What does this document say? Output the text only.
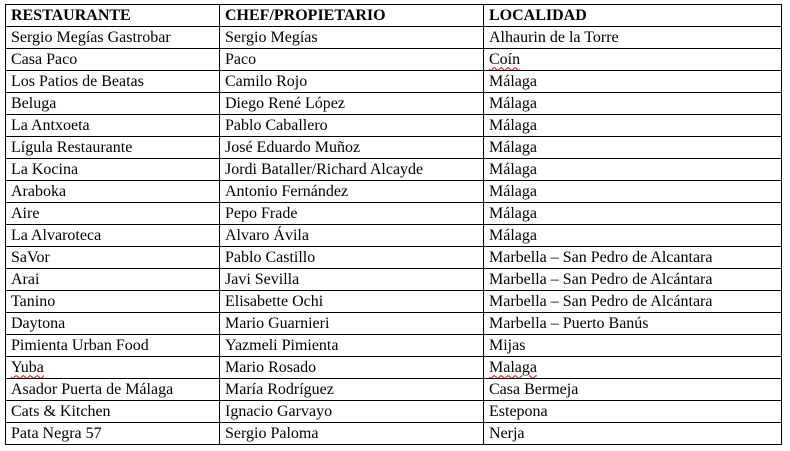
RESTAURANTE	CHEF/PROPIETARIO	LOCALIDAD
Sergio Megías Gastrobar	Sergio Megías	Alhaurin de la Torre
Casa Paco	Paco	Coín
Los Patios de Beatas	Camilo Rojo	Málaga
Beluga	Diego René López	Málaga
La Antxoeta	Pablo Caballero	Málaga
Lígula Restaurante	José Eduardo Muñoz	Málaga
La Kocina	Jordi Bataller/Richard Alcayde	Málaga
Araboka	Antonio Fernández	Málaga
Aire	Pepo Frade	Málaga
La Alvaroteca	Alvaro Ávila	Málaga
SaVor	Pablo Castillo	Marbella – San Pedro de Alcantara
Arai	Javi Sevilla	Marbella – San Pedro de Alcántara
Tanino	Elisabette Ochi	Marbella – San Pedro de Alcántara
Daytona	Mario Guarnieri	Marbella – Puerto Banús
Pimienta Urban Food	Yazmeli Pimienta	Mijas
Yuba	Mario Rosado	Malaga
Asador Puerta de Málaga	María Rodríguez	Casa Bermeja
Cats & Kitchen	Ignacio Garvayo	Estepona
Pata Negra 57	Sergio Paloma	Nerja
